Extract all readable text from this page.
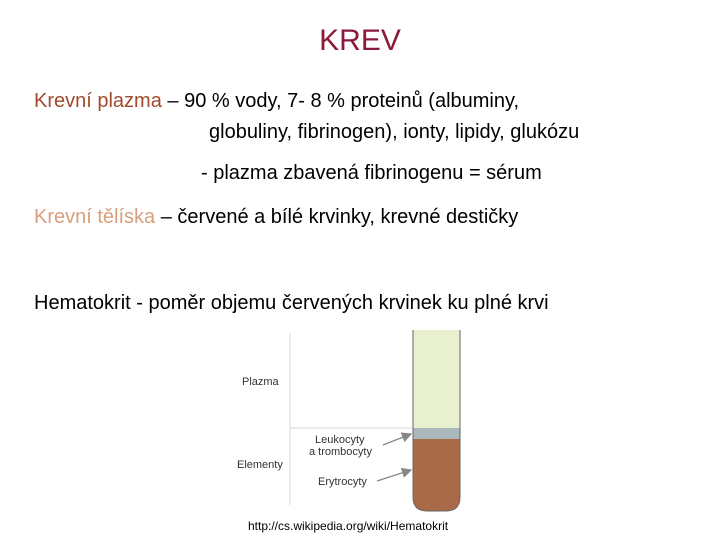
KREV
Krevní plazma – 90 % vody, 7- 8 % proteinů (albuminy,
globuliny, fibrinogen), ionty, lipidy, glukózu
- plazma zbavená fibrinogenu = sérum
Krevní tělíska – červené a bílé krvinky, krevné destičky
Hematokrit - poměr objemu červených krvinek ku plné krvi
Plazma
Elementy
Leukocyty
a trombocyty
Erytrocyty
http://cs.wikipedia.org/wiki/Hematokrit
